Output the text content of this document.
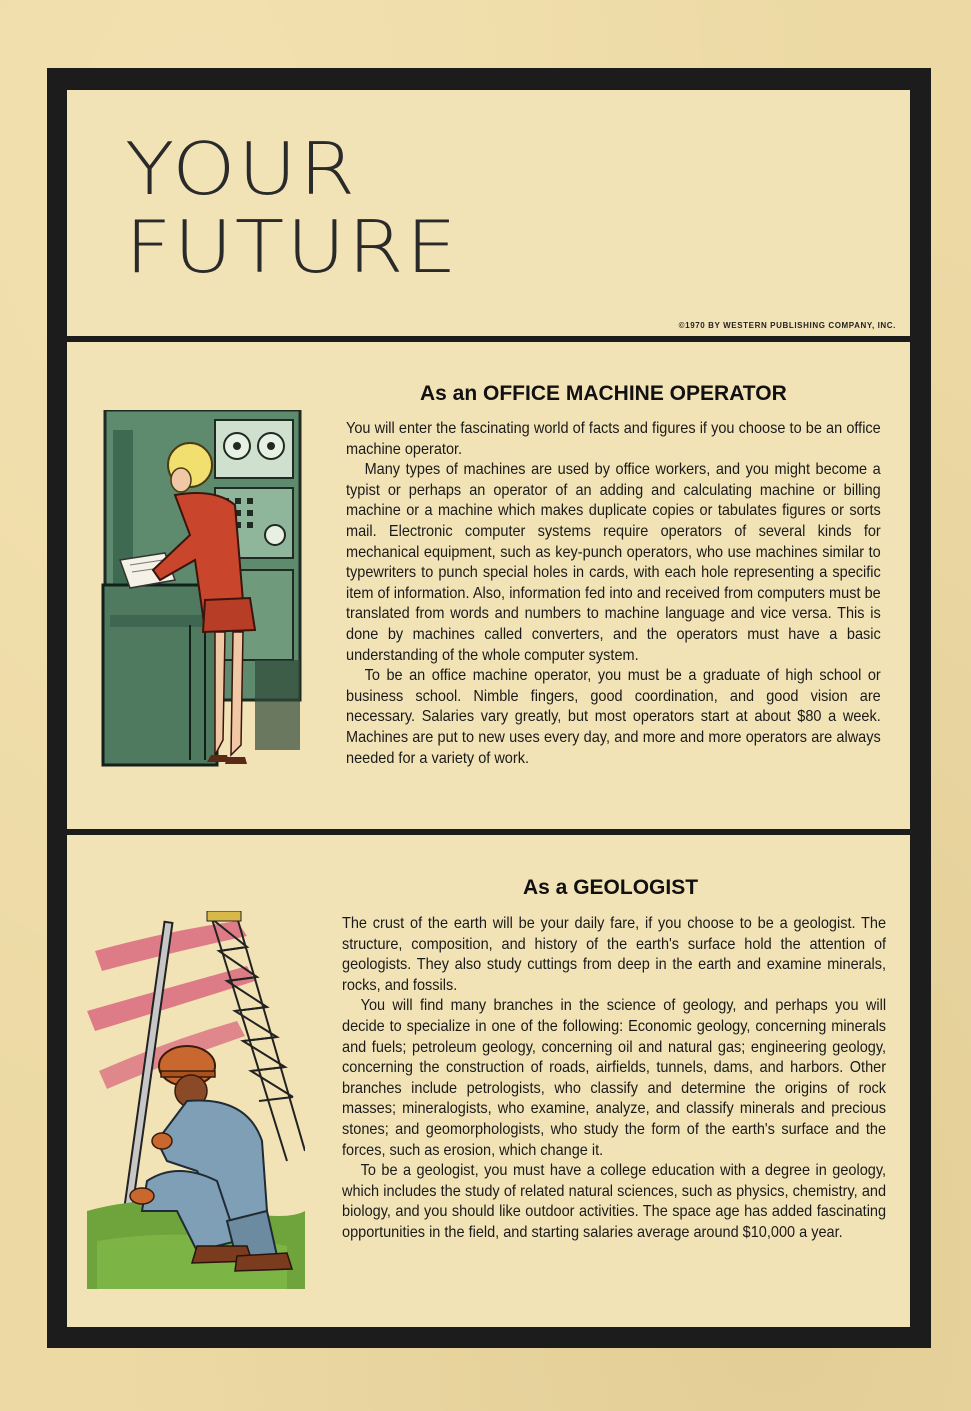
YOUR
FUTURE
©1970 BY WESTERN PUBLISHING COMPANY, INC.
As an OFFICE MACHINE OPERATOR

You will enter the fascinating world of facts and figures if you choose to be an office machine operator.

Many types of machines are used by office workers, and you might become a typist or perhaps an operator of an adding and calculating machine or billing machine or a machine which makes duplicate copies or tabulates figures or sorts mail. Electronic computer systems require operators of several kinds for mechanical equipment, such as key-punch operators, who use machines similar to typewriters to punch special holes in cards, with each hole representing a specific item of information. Also, information fed into and received from computers must be translated from words and numbers to machine language and vice versa. This is done by machines called converters, and the operators must have a basic understanding of the whole computer system.

To be an office machine operator, you must be a graduate of high school or business school. Nimble fingers, good coordination, and good vision are necessary. Salaries vary greatly, but most operators start at about $80 a week. Machines are put to new uses every day, and more and more operators are always needed for a variety of work.

As a GEOLOGIST

The crust of the earth will be your daily fare, if you choose to be a geologist. The structure, composition, and history of the earth's surface hold the attention of geologists. They also study cuttings from deep in the earth and examine minerals, rocks, and fossils.

You will find many branches in the science of geology, and perhaps you will decide to specialize in one of the following: Economic geology, concerning minerals and fuels; petroleum geology, concerning oil and natural gas; engineering geology, concerning the construction of roads, airfields, tunnels, dams, and harbors. Other branches include petrologists, who classify and determine the origins of rock masses; mineralogists, who examine, analyze, and classify minerals and precious stones; and geomorphologists, who study the form of the earth's surface and the forces, such as erosion, which change it.

To be a geologist, you must have a college education with a degree in geology, which includes the study of related natural sciences, such as physics, chemistry, and biology, and you should like outdoor activities. The space age has added fascinating opportunities in the field, and starting salaries average around $10,000 a year.
